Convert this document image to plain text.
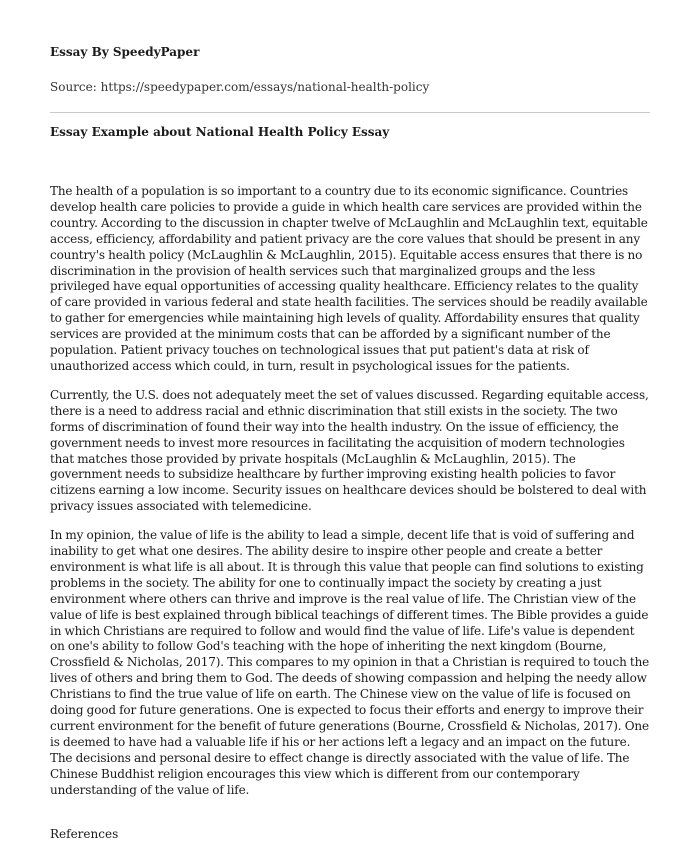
Essay By SpeedyPaper

Source: https://speedypaper.com/essays/national-health-policy

Essay Example about National Health Policy Essay

The health of a population is so important to a country due to its economic significance. Countries develop health care policies to provide a guide in which health care services are provided within the country. According to the discussion in chapter twelve of McLaughlin and McLaughlin text, equitable access, efficiency, affordability and patient privacy are the core values that should be present in any country's health policy (McLaughlin & McLaughlin, 2015). Equitable access ensures that there is no discrimination in the provision of health services such that marginalized groups and the less privileged have equal opportunities of accessing quality healthcare. Efficiency relates to the quality of care provided in various federal and state health facilities. The services should be readily available to gather for emergencies while maintaining high levels of quality. Affordability ensures that quality services are provided at the minimum costs that can be afforded by a significant number of the population. Patient privacy touches on technological issues that put patient's data at risk of unauthorized access which could, in turn, result in psychological issues for the patients.

Currently, the U.S. does not adequately meet the set of values discussed. Regarding equitable access, there is a need to address racial and ethnic discrimination that still exists in the society. The two forms of discrimination of found their way into the health industry. On the issue of efficiency, the government needs to invest more resources in facilitating the acquisition of modern technologies that matches those provided by private hospitals (McLaughlin & McLaughlin, 2015). The government needs to subsidize healthcare by further improving existing health policies to favor citizens earning a low income. Security issues on healthcare devices should be bolstered to deal with privacy issues associated with telemedicine.

In my opinion, the value of life is the ability to lead a simple, decent life that is void of suffering and inability to get what one desires. The ability desire to inspire other people and create a better environment is what life is all about. It is through this value that people can find solutions to existing problems in the society. The ability for one to continually impact the society by creating a just environment where others can thrive and improve is the real value of life. The Christian view of the value of life is best explained through biblical teachings of different times. The Bible provides a guide in which Christians are required to follow and would find the value of life. Life's value is dependent on one's ability to follow God's teaching with the hope of inheriting the next kingdom (Bourne, Crossfield & Nicholas, 2017). This compares to my opinion in that a Christian is required to touch the lives of others and bring them to God. The deeds of showing compassion and helping the needy allow Christians to find the true value of life on earth. The Chinese view on the value of life is focused on doing good for future generations. One is expected to focus their efforts and energy to improve their current environment for the benefit of future generations (Bourne, Crossfield & Nicholas, 2017). One is deemed to have had a valuable life if his or her actions left a legacy and an impact on the future. The decisions and personal desire to effect change is directly associated with the value of life. The Chinese Buddhist religion encourages this view which is different from our contemporary understanding of the value of life.

References
